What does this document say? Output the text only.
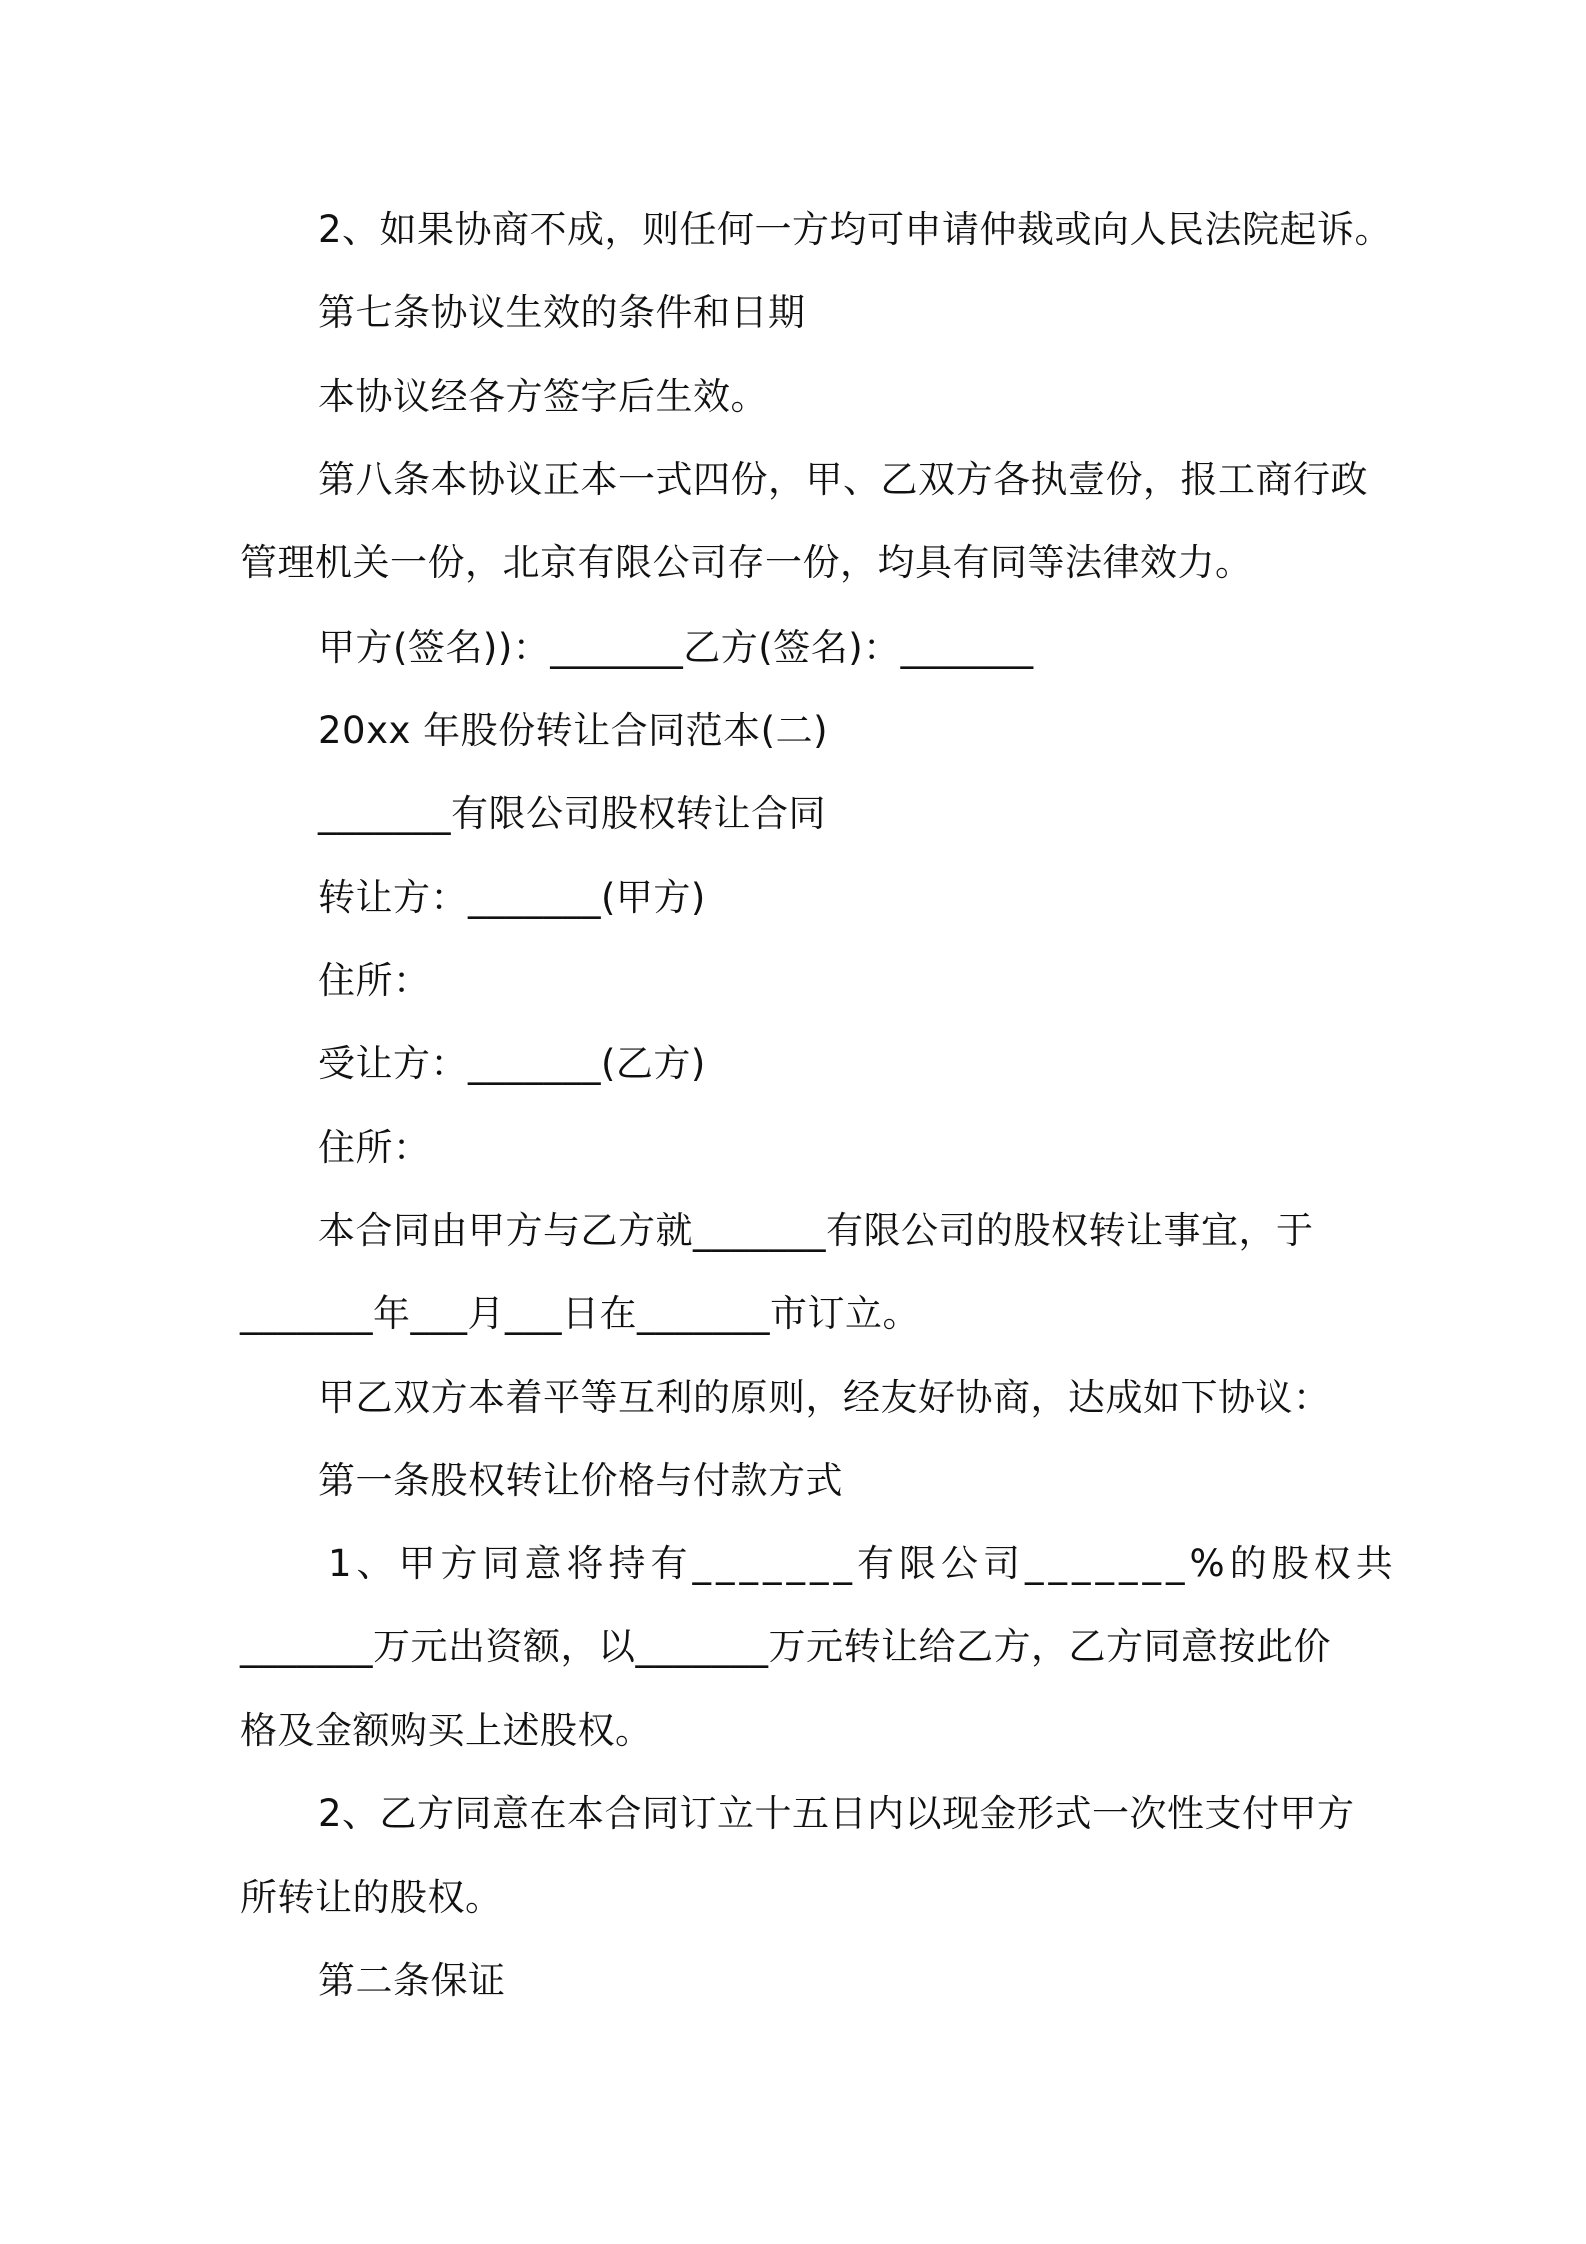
2、如果协商不成，则任何一方均可申请仲裁或向人民法院起诉。
第七条协议生效的条件和日期
本协议经各方签字后生效。
第八条本协议正本一式四份，甲、乙双方各执壹份，报工商行政
管理机关一份，北京有限公司存一份，均具有同等法律效力。
甲方(签名))：_______乙方(签名)：_______
20xx 年股份转让合同范本(二)
_______有限公司股权转让合同
转让方：_______(甲方)
住所：
受让方：_______(乙方)
住所：
本合同由甲方与乙方就_______有限公司的股权转让事宜，于
_______年___月___日在_______市订立。
甲乙双方本着平等互利的原则，经友好协商，达成如下协议：
第一条股权转让价格与付款方式
1、甲方同意将持有_______有限公司_______%的股权共
_______万元出资额，以_______万元转让给乙方，乙方同意按此价
格及金额购买上述股权。
2、乙方同意在本合同订立十五日内以现金形式一次性支付甲方
所转让的股权。
第二条保证
